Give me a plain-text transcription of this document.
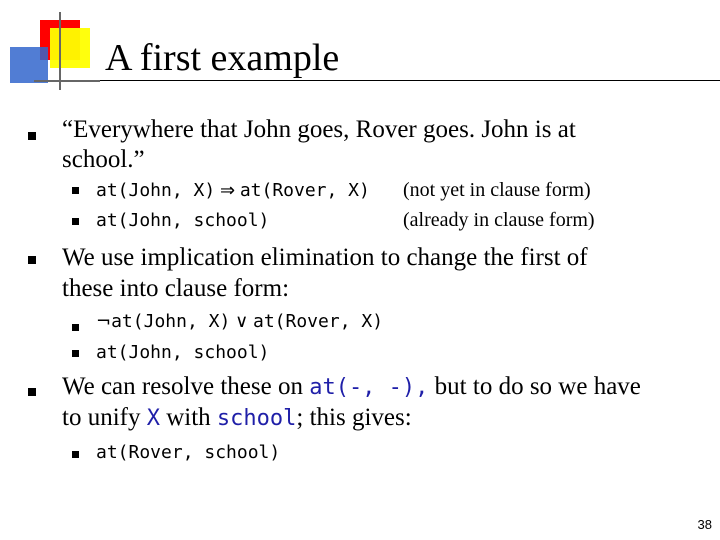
A first example
“Everywhere that John goes, Rover goes. John is at
school.”
at(John, X) ⇒ at(Rover, X) (not yet in clause form)
at(John, school)	(already in clause form)
We use implication elimination to change the first of
these into clause form:
¬at(John, X) ∨ at(Rover, X)
at(John, school)
We can resolve these on at(-, -), but to do so we have
to unify X with school; this gives:
at(Rover, school)
38
